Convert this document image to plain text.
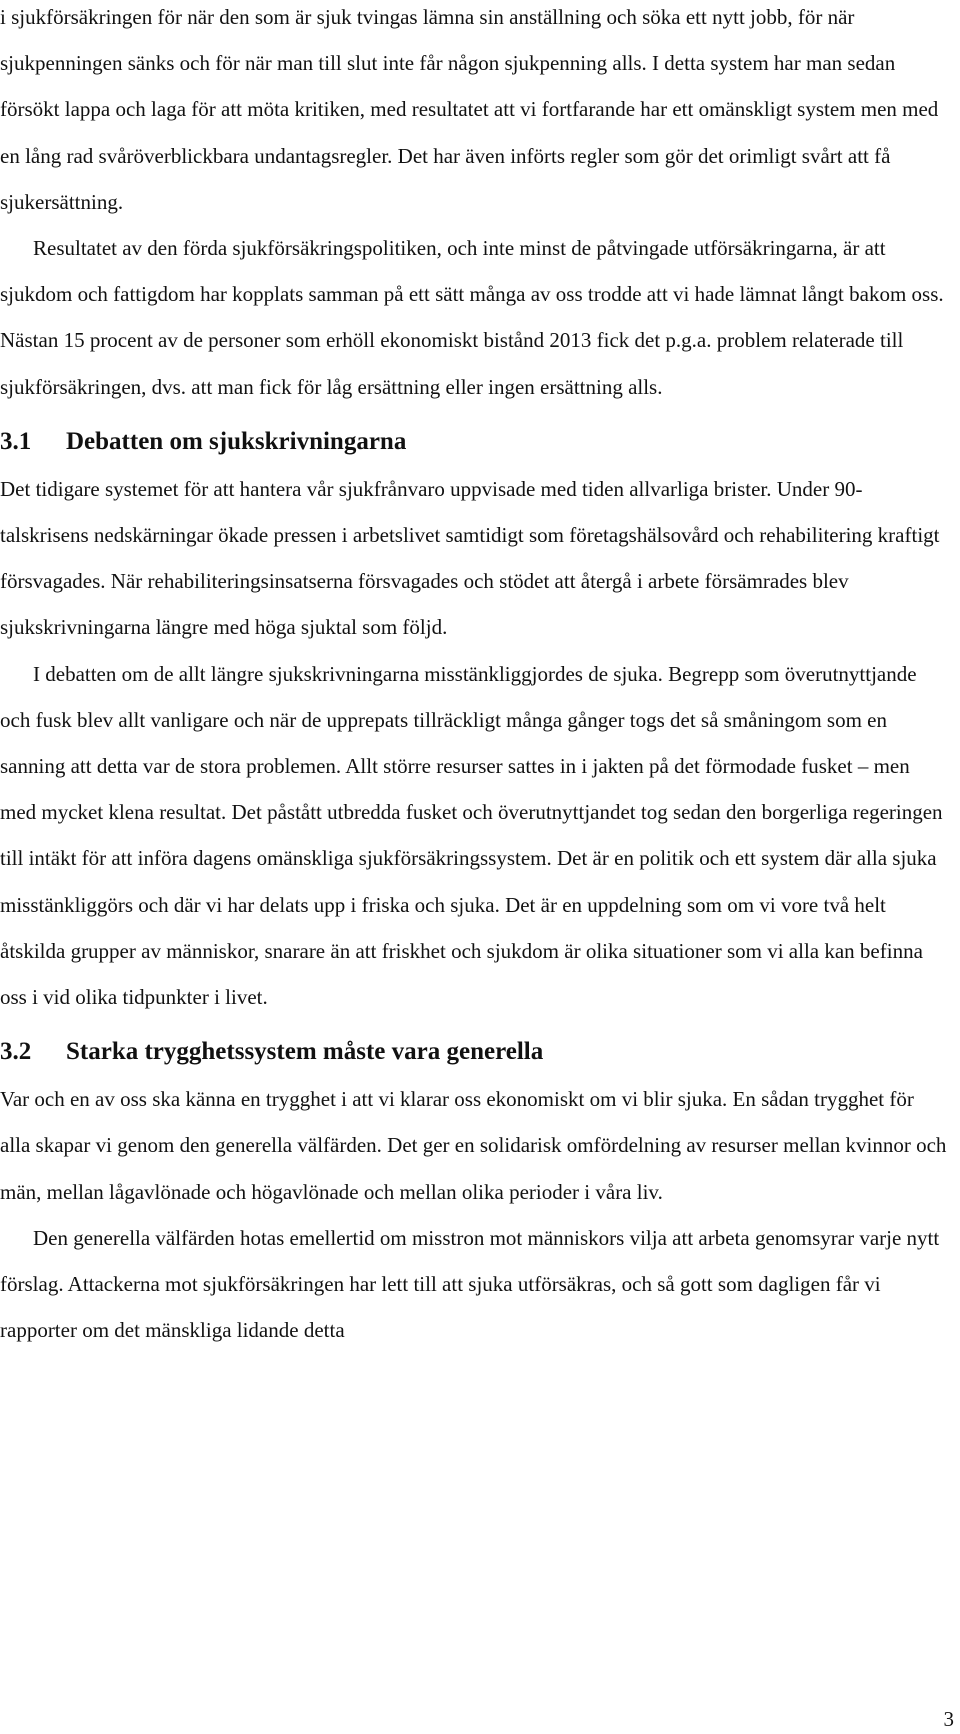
i sjukförsäkringen för när den som är sjuk tvingas lämna sin anställning och söka ett nytt jobb, för när sjukpenningen sänks och för när man till slut inte får någon sjukpenning alls. I detta system har man sedan försökt lappa och laga för att möta kritiken, med resultatet att vi fortfarande har ett omänskligt system men med en lång rad svåröverblickbara undantagsregler. Det har även införts regler som gör det orimligt svårt att få sjukersättning.

Resultatet av den förda sjukförsäkringspolitiken, och inte minst de påtvingade utförsäkringarna, är att sjukdom och fattigdom har kopplats samman på ett sätt många av oss trodde att vi hade lämnat långt bakom oss. Nästan 15 procent av de personer som erhöll ekonomiskt bistånd 2013 fick det p.g.a. problem relaterade till sjukförsäkringen, dvs. att man fick för låg ersättning eller ingen ersättning alls.

3.1	Debatten om sjukskrivningarna

Det tidigare systemet för att hantera vår sjukfrånvaro uppvisade med tiden allvarliga brister. Under 90-talskrisens nedskärningar ökade pressen i arbetslivet samtidigt som företagshälsovård och rehabilitering kraftigt försvagades. När rehabiliteringsinsatserna försvagades och stödet att återgå i arbete försämrades blev sjukskrivningarna längre med höga sjuktal som följd.

I debatten om de allt längre sjukskrivningarna misstänkliggjordes de sjuka. Begrepp som överutnyttjande och fusk blev allt vanligare och när de upprepats tillräckligt många gånger togs det så småningom som en sanning att detta var de stora problemen. Allt större resurser sattes in i jakten på det förmodade fusket – men med mycket klena resultat. Det påstått utbredda fusket och överutnyttjandet tog sedan den borgerliga regeringen till intäkt för att införa dagens omänskliga sjukförsäkringssystem. Det är en politik och ett system där alla sjuka misstänkliggörs och där vi har delats upp i friska och sjuka. Det är en uppdelning som om vi vore två helt åtskilda grupper av människor, snarare än att friskhet och sjukdom är olika situationer som vi alla kan befinna oss i vid olika tidpunkter i livet.

3.2	Starka trygghetssystem måste vara generella

Var och en av oss ska känna en trygghet i att vi klarar oss ekonomiskt om vi blir sjuka. En sådan trygghet för alla skapar vi genom den generella välfärden. Det ger en solidarisk omfördelning av resurser mellan kvinnor och män, mellan lågavlönade och högavlönade och mellan olika perioder i våra liv.

Den generella välfärden hotas emellertid om misstron mot människors vilja att arbeta genomsyrar varje nytt förslag. Attackerna mot sjukförsäkringen har lett till att sjuka utförsäkras, och så gott som dagligen får vi rapporter om det mänskliga lidande detta

3
